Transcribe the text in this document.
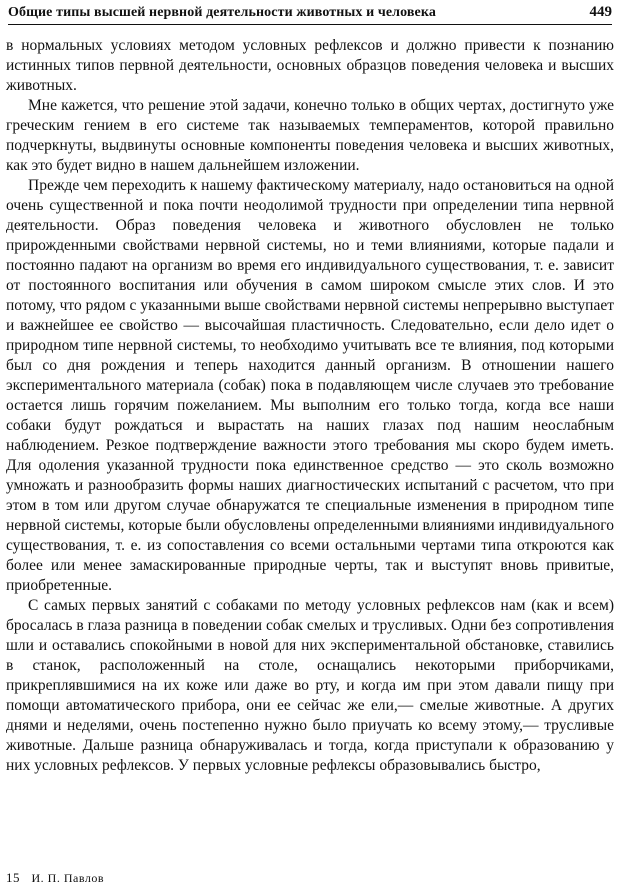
Общие типы высшей нервной деятельности животных и человека	449

в нормальных условиях методом условных рефлексов и должно привести к познанию истинных типов первной деятельности, основных образцов поведения человека и высших животных.

Мне кажется, что решение этой задачи, конечно только в общих чертах, достигнуто уже греческим гением в его системе так называемых темпераментов, которой правильно подчеркнуты, выдвинуты основные компоненты поведения человека и высших животных, как это будет видно в нашем дальнейшем изложении.

Прежде чем переходить к нашему фактическому материалу, надо остановиться на одной очень существенной и пока почти неодолимой трудности при определении типа нервной деятельности. Образ поведения человека и животного обусловлен не только прирожденными свойствами нервной системы, но и теми влияниями, которые падали и постоянно падают на организм во время его индивидуального существования, т. е. зависит от постоянного воспитания или обучения в самом широком смысле этих слов. И это потому, что рядом с указанными выше свойствами нервной системы непрерывно выступает и важнейшее ее свойство — высочайшая пластичность. Следовательно, если дело идет о природном типе нервной системы, то необходимо учитывать все те влияния, под которыми был со дня рождения и теперь находится данный организм. В отношении нашего экспериментального материала (собак) пока в подавляющем числе случаев это требование остается лишь горячим пожеланием. Мы выполним его только тогда, когда все наши собаки будут рождаться и вырастать на наших глазах под нашим неослабным наблюдением. Резкое подтверждение важности этого требования мы скоро будем иметь. Для одоления указанной трудности пока единственное средство — это сколь возможно умножать и разнообразить формы наших диагностических испытаний с расчетом, что при этом в том или другом случае обнаружатся те специальные изменения в природном типе нервной системы, которые были обусловлены определенными влияниями индивидуального существования, т. е. из сопоставления со всеми остальными чертами типа откроются как более или менее замаскированные природные черты, так и выступят вновь привитые, приобретенные.

С самых первых занятий с собаками по методу условных рефлексов нам (как и всем) бросалась в глаза разница в поведении собак смелых и трусливых. Одни без сопротивления шли и оставались спокойными в новой для них экспериментальной обстановке, ставились в станок, расположенный на столе, оснащались некоторыми приборчиками, прикреплявшимися на их коже или даже во рту, и когда им при этом давали пищу при помощи автоматического прибора, они ее сейчас же ели,— смелые животные. А других днями и неделями, очень постепенно нужно было приучать ко всему этому,— трусливые животные. Дальше разница обнаруживалась и тогда, когда приступали к образованию у них условных рефлексов. У первых условные рефлексы образовывались быстро,

15 И. П. Павлов
